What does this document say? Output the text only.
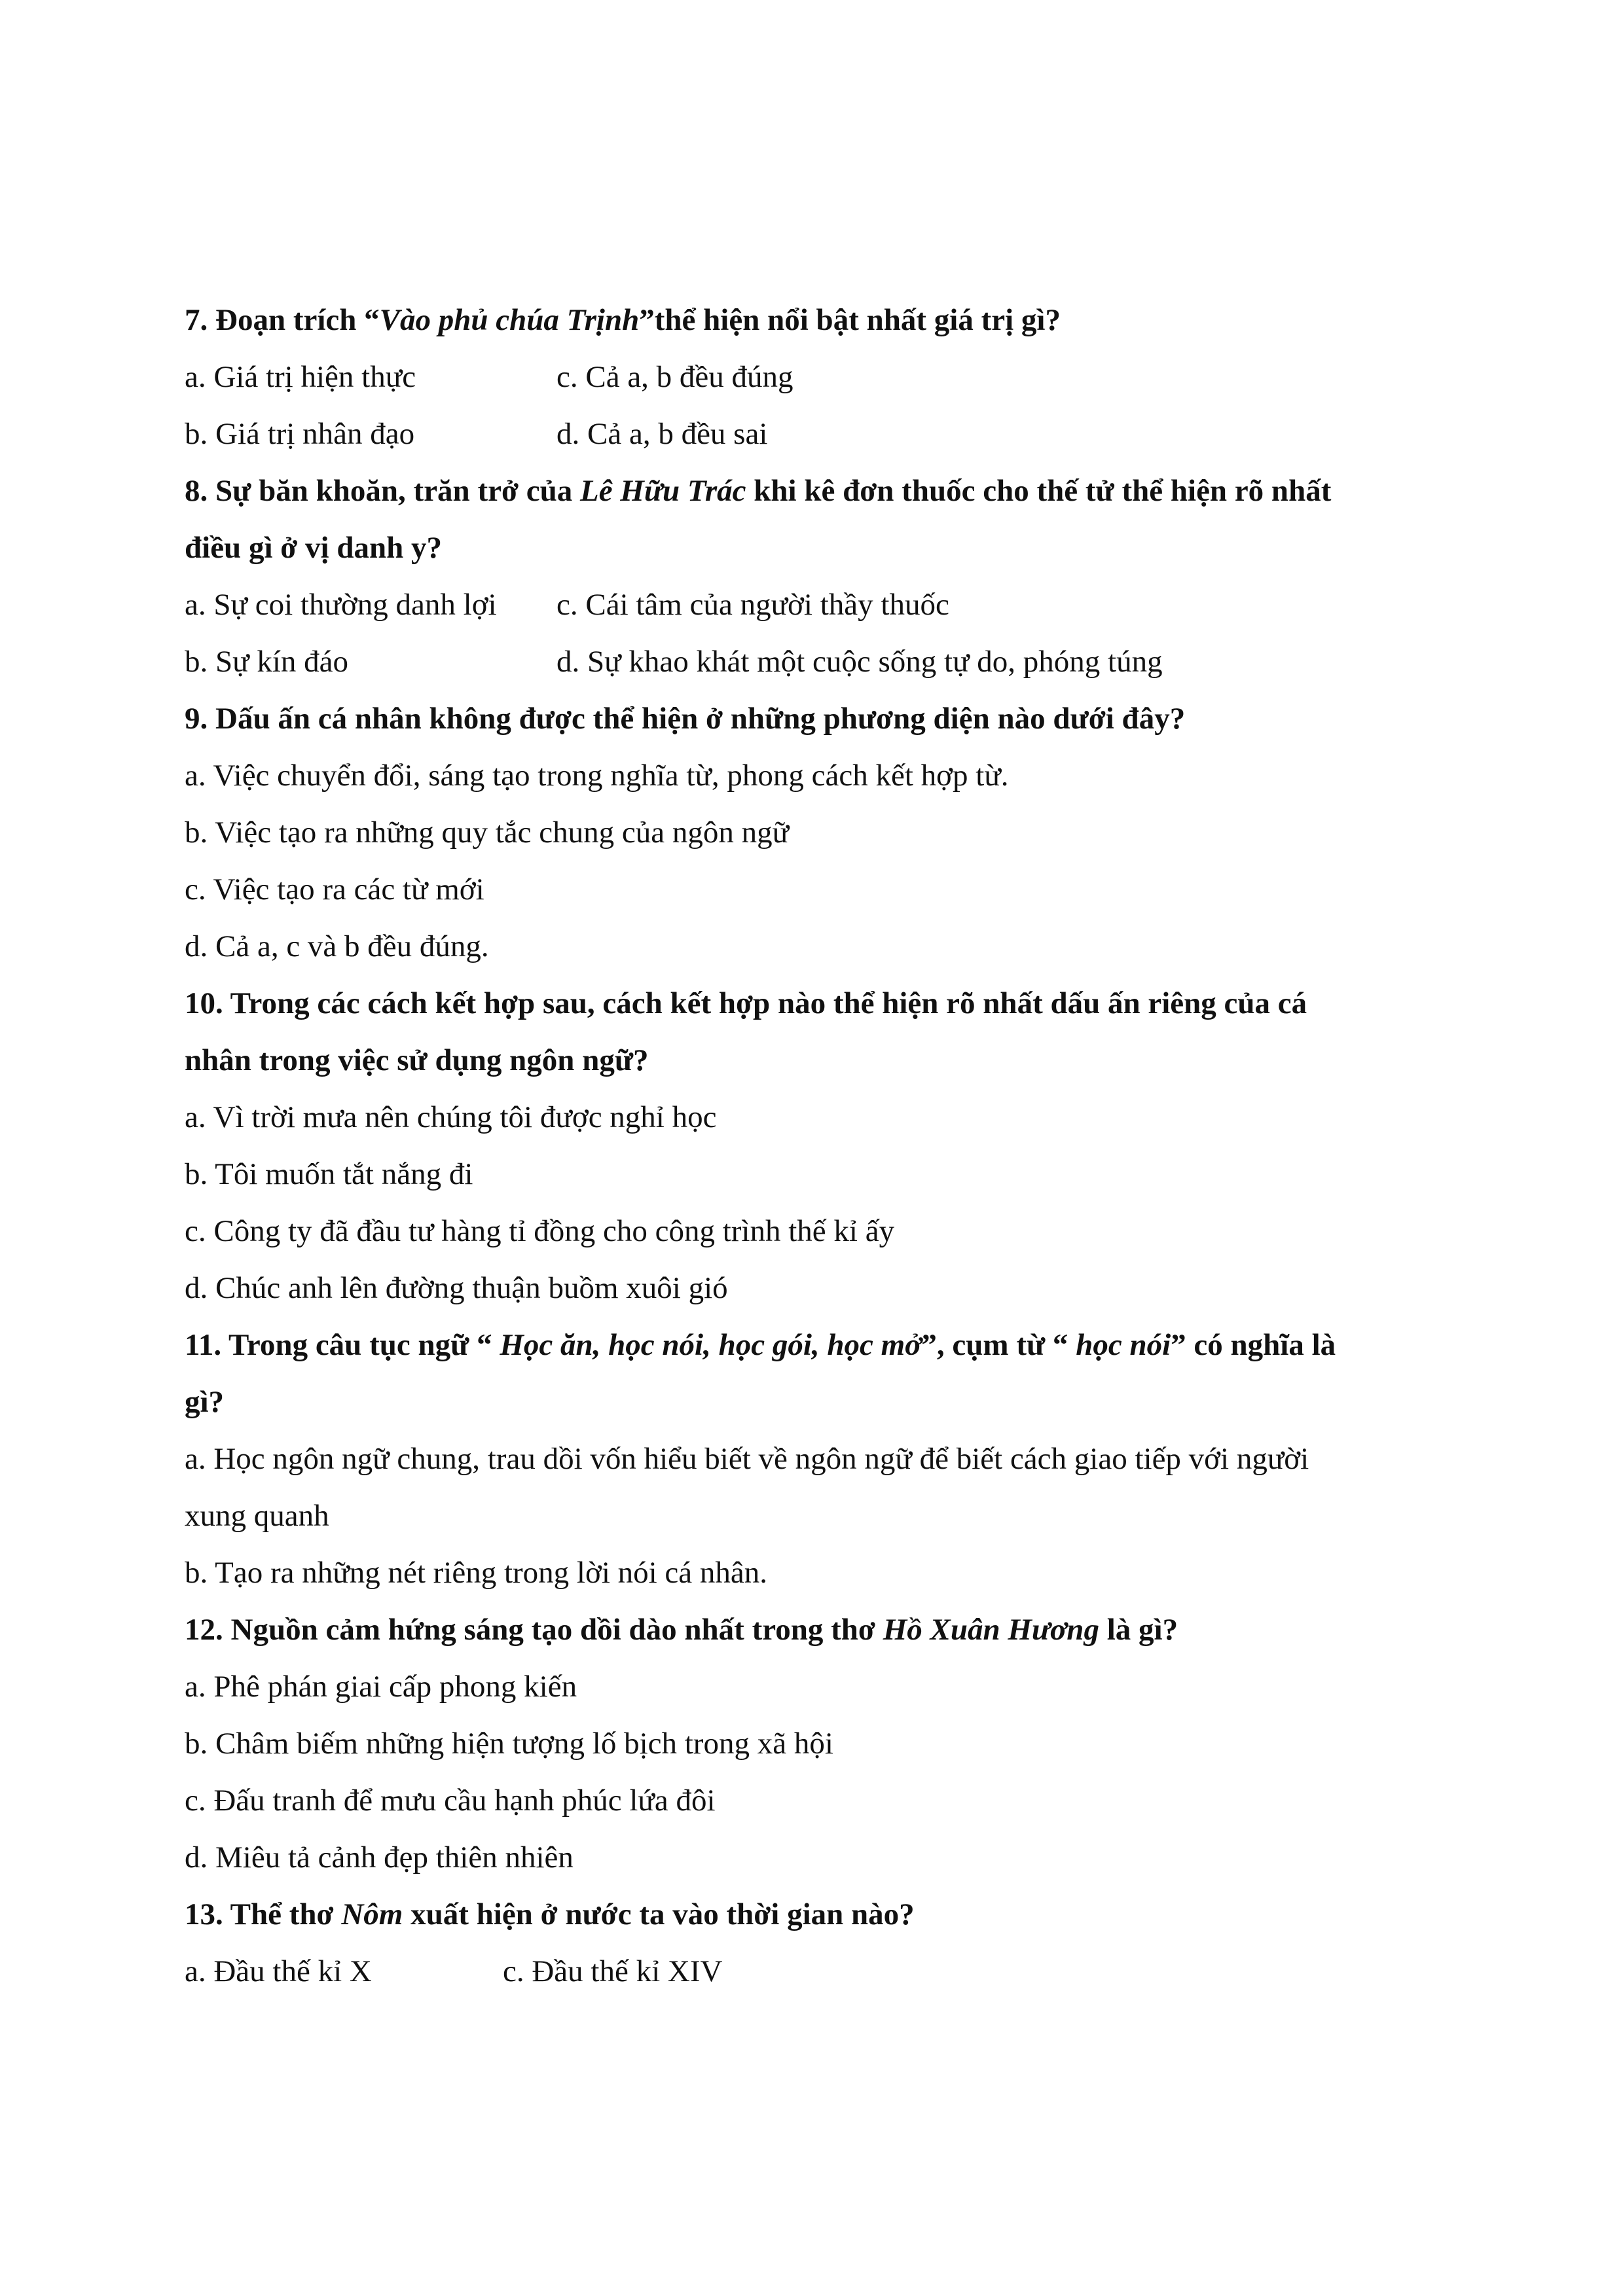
7. Đoạn trích “Vào phủ chúa Trịnh”thể hiện nổi bật nhất giá trị gì?
a. Giá trị hiện thực	c. Cả a, b đều đúng
b. Giá trị nhân đạo	d. Cả a, b đều sai
8. Sự băn khoăn, trăn trở của Lê Hữu Trác khi kê đơn thuốc cho thế tử thể hiện rõ nhất
điều gì ở vị danh y?
a. Sự coi thường danh lợi c. Cái tâm của người thầy thuốc
b. Sự kín đáo	d. Sự khao khát một cuộc sống tự do, phóng túng
9. Dấu ấn cá nhân không được thể hiện ở những phương diện nào dưới đây?
a. Việc chuyển đổi, sáng tạo trong nghĩa từ, phong cách kết hợp từ.
b. Việc tạo ra những quy tắc chung của ngôn ngữ
c. Việc tạo ra các từ mới
d. Cả a, c và b đều đúng.
10. Trong các cách kết hợp sau, cách kết hợp nào thể hiện rõ nhất dấu ấn riêng của cá
nhân trong việc sử dụng ngôn ngữ?
a. Vì trời mưa nên chúng tôi được nghỉ học
b. Tôi muốn tắt nắng đi
c. Công ty đã đầu tư hàng tỉ đồng cho công trình thế kỉ ấy
d. Chúc anh lên đường thuận buồm xuôi gió
11. Trong câu tục ngữ “ Học ăn, học nói, học gói, học mở”, cụm từ “ học nói” có nghĩa là
gì?
a. Học ngôn ngữ chung, trau dồi vốn hiểu biết về ngôn ngữ để biết cách giao tiếp với người
xung quanh
b. Tạo ra những nét riêng trong lời nói cá nhân.
12. Nguồn cảm hứng sáng tạo dồi dào nhất trong thơ Hồ Xuân Hương là gì?
a. Phê phán giai cấp phong kiến
b. Châm biếm những hiện tượng lố bịch trong xã hội
c. Đấu tranh để mưu cầu hạnh phúc lứa đôi
d. Miêu tả cảnh đẹp thiên nhiên
13. Thể thơ Nôm xuất hiện ở nước ta vào thời gian nào?
a. Đầu thế kỉ X	c. Đầu thế kỉ XIV
